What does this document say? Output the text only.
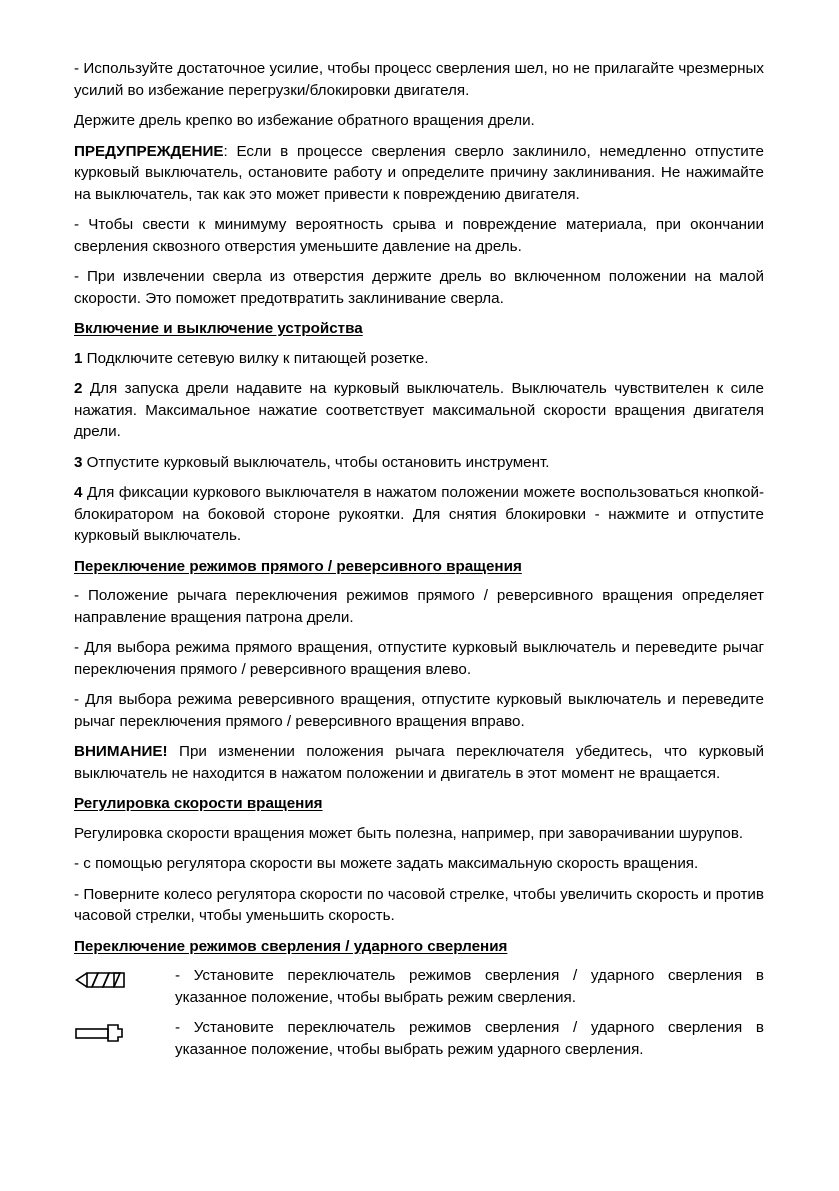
- Используйте достаточное усилие, чтобы процесс сверления шел, но не прилагайте чрезмерных усилий во избежание перегрузки/блокировки двигателя.

Держите дрель крепко во избежание обратного вращения дрели.

ПРЕДУПРЕЖДЕНИЕ: Если в процессе сверления сверло заклинило, немедленно отпустите курковый выключатель, остановите работу и определите причину заклинивания. Не нажимайте на выключатель, так как это может привести к повреждению двигателя.

- Чтобы свести к минимуму вероятность срыва и повреждение материала, при окончании сверления сквозного отверстия уменьшите давление на дрель.

- При извлечении сверла из отверстия держите дрель во включенном положении на малой скорости. Это поможет предотвратить заклинивание сверла.

Включение и выключение устройства

1 Подключите сетевую вилку к питающей розетке.

2 Для запуска дрели надавите на курковый выключатель. Выключатель чувствителен к силе нажатия. Максимальное нажатие соответствует максимальной скорости вращения двигателя дрели.

3 Отпустите курковый выключатель, чтобы остановить инструмент.

4 Для фиксации куркового выключателя в нажатом положении можете воспользоваться кнопкой-блокиратором на боковой стороне рукоятки. Для снятия блокировки - нажмите и отпустите курковый выключатель.

Переключение режимов прямого / реверсивного вращения

- Положение рычага переключения режимов прямого / реверсивного вращения определяет направление вращения патрона дрели.

- Для выбора режима прямого вращения, отпустите курковый выключатель и переведите рычаг переключения прямого / реверсивного вращения влево.

- Для выбора режима реверсивного вращения, отпустите курковый выключатель и переведите рычаг переключения прямого / реверсивного вращения вправо.

ВНИМАНИЕ! При изменении положения рычага переключателя убедитесь, что курковый выключатель не находится в нажатом положении и двигатель в этот момент не вращается.

Регулировка скорости вращения

Регулировка скорости вращения может быть полезна, например, при заворачивании шурупов.

- с помощью регулятора скорости вы можете задать максимальную скорость вращения.

- Поверните колесо регулятора скорости по часовой стрелке, чтобы увеличить скорость и против часовой стрелки, чтобы уменьшить скорость.

Переключение режимов сверления / ударного сверления
- Установите переключатель режимов сверления / ударного сверления в указанное положение, чтобы выбрать режим сверления.
- Установите переключатель режимов сверления / ударного сверления в указанное положение, чтобы выбрать режим ударного сверления.
